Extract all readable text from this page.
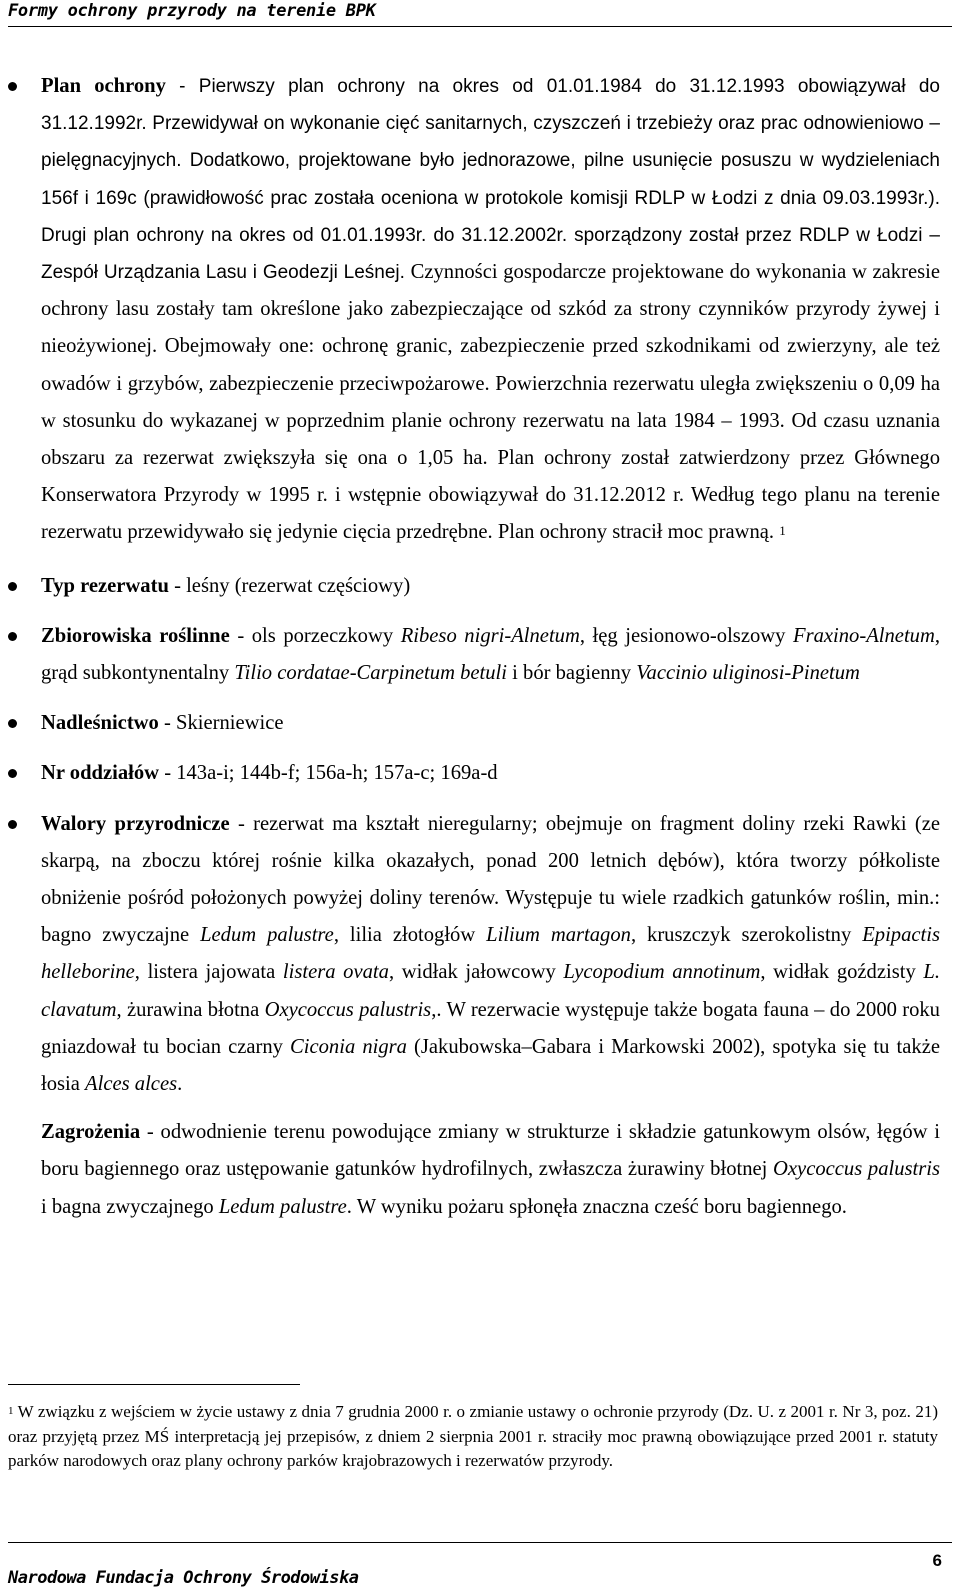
Formy ochrony przyrody na terenie BPK
Plan ochrony - Pierwszy plan ochrony na okres od 01.01.1984 do 31.12.1993 obowiązywał do 31.12.1992r. Przewidywał on wykonanie cięć sanitarnych, czyszczeń i trzebieży oraz prac odnowieniowo – pielęgnacyjnych. Dodatkowo, projektowane było jednorazowe, pilne usunięcie posuszu w wydzieleniach 156f i 169c (prawidłowość prac została oceniona w protokole komisji RDLP w Łodzi z dnia 09.03.1993r.). Drugi plan ochrony na okres od 01.01.1993r. do 31.12.2002r. sporządzony został przez RDLP w Łodzi – Zespół Urządzania Lasu i Geodezji Leśnej. Czynności gospodarcze projektowane do wykonania w zakresie ochrony lasu zostały tam określone jako zabezpieczające od szkód za strony czynników przyrody żywej i nieożywionej. Obejmowały one: ochronę granic, zabezpieczenie przed szkodnikami od zwierzyny, ale też owadów i grzybów, zabezpieczenie przeciwpożarowe. Powierzchnia rezerwatu uległa zwiększeniu o 0,09 ha w stosunku do wykazanej w poprzednim planie ochrony rezerwatu na lata 1984 – 1993. Od czasu uznania obszaru za rezerwat zwiększyła się ona o 1,05 ha. Plan ochrony został zatwierdzony przez Głównego Konserwatora Przyrody w 1995 r. i wstępnie obowiązywał do 31.12.2012 r. Według tego planu na terenie rezerwatu przewidywało się jedynie cięcia przedrębne. Plan ochrony stracił moc prawną. $^1$
Typ rezerwatu - leśny (rezerwat częściowy)
Zbiorowiska roślinne - ols porzeczkowy Ribeso nigri-Alnetum, łęg jesionowo-olszowy Fraxino-Alnetum, grąd subkontynentalny Tilio cordatae-Carpinetum betuli i bór bagienny Vaccinio uliginosi-Pinetum
Nadleśnictwo - Skierniewice
Nr oddziałów - 143a-i; 144b-f; 156a-h; 157a-c; 169a-d
Walory przyrodnicze - rezerwat ma kształt nieregularny; obejmuje on fragment doliny rzeki Rawki (ze skarpą, na zboczu której rośnie kilka okazałych, ponad 200 letnich dębów), która tworzy półkoliste obniżenie pośród położonych powyżej doliny terenów. Występuje tu wiele rzadkich gatunków roślin, min.: bagno zwyczajne Ledum palustre, lilia złotogłów Lilium martagon, kruszczyk szerokolistny Epipactis helleborine, listera jajowata listera ovata, widłak jałowcowy Lycopodium annotinum, widłak goździsty L. clavatum, żurawina błotna Oxycoccus palustris,. W rezerwacie występuje także bogata fauna – do 2000 roku gniazdował tu bocian czarny Ciconia nigra (Jakubowska–Gabara i Markowski 2002), spotyka się tu także łosia Alces alces.
Zagrożenia - odwodnienie terenu powodujące zmiany w strukturze i składzie gatunkowym olsów, łęgów i boru bagiennego oraz ustępowanie gatunków hydrofilnych, zwłaszcza żurawiny błotnej Oxycoccus palustris i bagna zwyczajnego Ledum palustre. W wyniku pożaru spłonęła znaczna cześć boru bagiennego.
$^1$ W związku z wejściem w życie ustawy z dnia 7 grudnia 2000 r. o zmianie ustawy o ochronie przyrody (Dz. U. z 2001 r. Nr 3, poz. 21) oraz przyjętą przez MŚ interpretacją jej przepisów, z dniem 2 sierpnia 2001 r. straciły moc prawną obowiązujące przed 2001 r. statuty parków narodowych oraz plany ochrony parków krajobrazowych i rezerwatów przyrody.
Narodowa Fundacja Ochrony Środowiska
6
